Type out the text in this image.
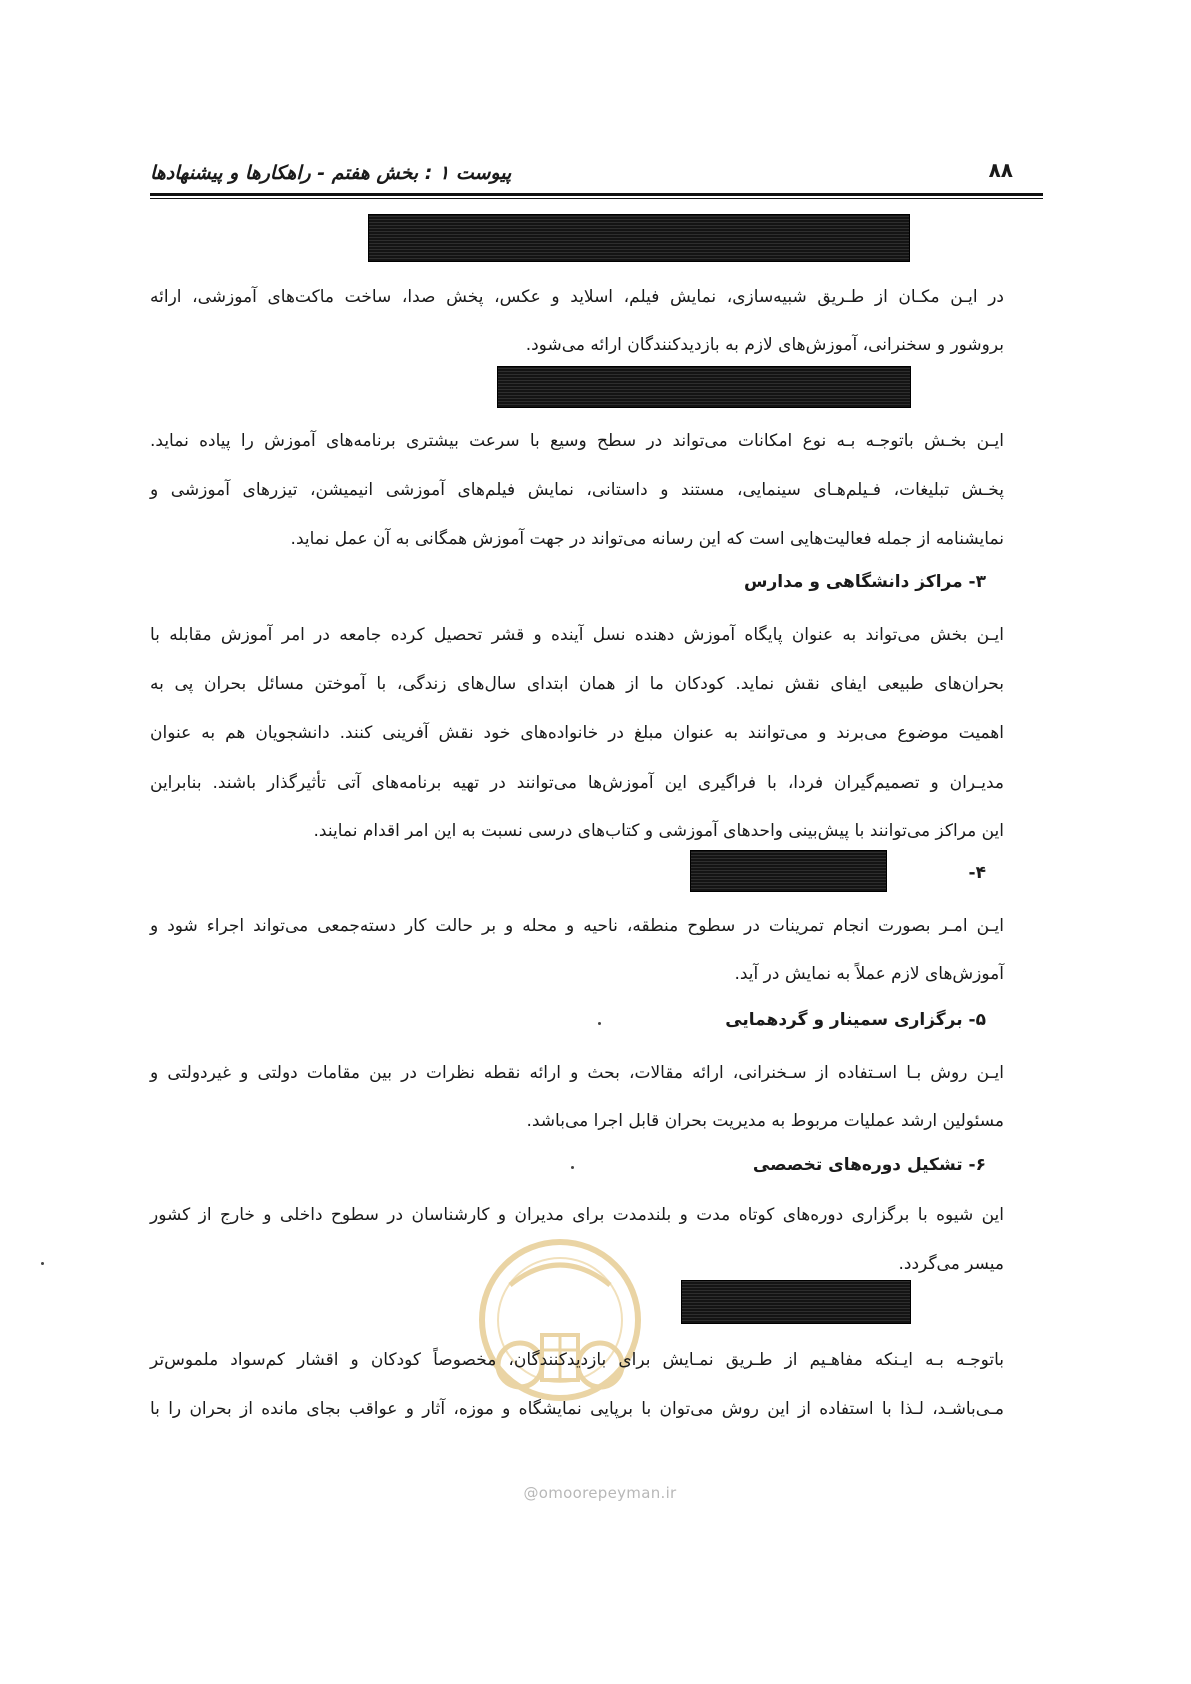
۸۸
پیوست ۱ : بخش هفتم - راهکارها و پیشنهادها
در ایـن مکـان از طـریق شبیه‌سازی، نمایش فیلم، اسلاید و عکس، پخش صدا، ساخت ماکت‌های آموزشی، ارائه
بروشور و سخنرانی، آموزش‌های لازم به بازدیدکنندگان ارائه می‌شود.
ایـن بخـش باتوجـه بـه نوع امکانات می‌تواند در سطح وسیع با سرعت بیشتری برنامه‌های آموزش را پیاده نماید.
پخـش تبلیغات، فـیلم‌هـای سینمایی، مستند و داستانی، نمایش فیلم‌های آموزشی انیمیشن، تیزرهای آموزشی و
نمایشنامه از جمله فعالیت‌هایی است که این رسانه می‌تواند در جهت آموزش همگانی به آن عمل نماید.
۳- مراکز دانشگاهی و مدارس
ایـن بخش می‌تواند به عنوان پایگاه آموزش دهنده نسل آینده و قشر تحصیل کرده جامعه در امر آموزش مقابله با
بحران‌های طبیعی ایفای نقش نماید. کودکان ما از همان ابتدای سال‌های زندگی، با آموختن مسائل بحران پی به
اهمیت موضوع می‌برند و می‌توانند به عنوان مبلغ در خانواده‌های خود نقش آفرینی کنند. دانشجویان هم به عنوان
مدیـران و تصمیم‌گیران فردا، با فراگیری این آموزش‌ها می‌توانند در تهیه برنامه‌های آتی تأثیرگذار باشند. بنابراین
این مراکز می‌توانند با پیش‌بینی واحدهای آموزشی و کتاب‌های درسی نسبت به این امر اقدام نمایند.
۴-
ایـن امـر بصورت انجام تمرینات در سطوح منطقه، ناحیه و محله و بر حالت کار دسته‌جمعی می‌تواند اجراء شود و
آموزش‌های لازم عملاً به نمایش در آید.
۵- برگزاری سمینار و گردهمایی
ایـن روش بـا اسـتفاده از سـخنرانی، ارائه مقالات، بحث و ارائه نقطه نظرات در بین مقامات دولتی و غیردولتی و
مسئولین ارشد عملیات مربوط به مدیریت بحران قابل اجرا می‌باشد.
۶- تشکیل دوره‌های تخصصی
این شیوه با برگزاری دوره‌های کوتاه مدت و بلندمدت برای مدیران و کارشناسان در سطوح داخلی و خارج از کشور
میسر می‌گردد.
باتوجـه بـه ایـنکه مفاهـیم از طـریق نمـایش برای بازدیدکنندگان، مخصوصاً کودکان و اقشار کم‌سواد ملموس‌تر
مـی‌باشـد، لـذا با استفاده از این روش می‌توان با برپایی نمایشگاه و موزه، آثار و عواقب بجای مانده از بحران را با
@omoorepeyman.ir
